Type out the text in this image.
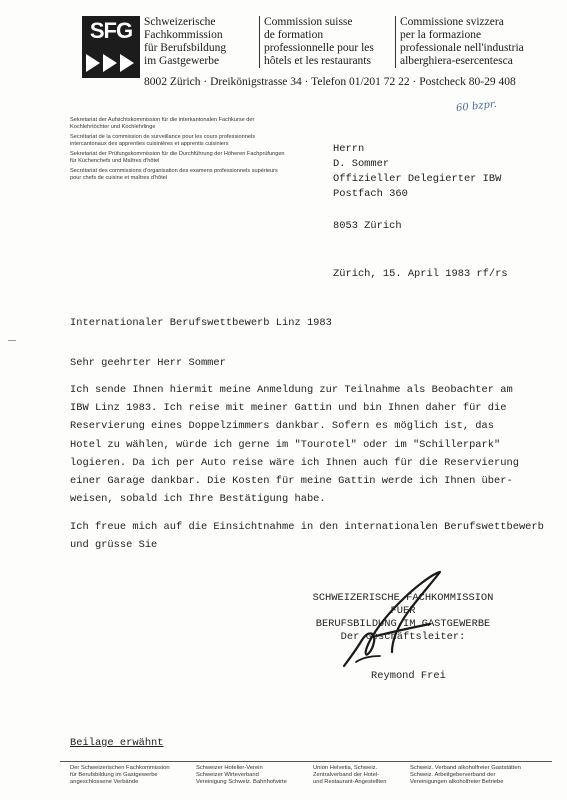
SFG	Schweizerische
Fachkommission
für Berufsbildung
im Gastgewerbe
Commission suisse
de formation
professionnelle pour les
hôtels et les restaurants
Commissione svizzera
per la formazione
professionale nell'industria
alberghiera-esercentesca
8002 Zürich · Dreikönigstrasse 34 · Telefon 01/201 72 22 · Postcheck 80-29 408
60 bzpr.

Sekretariat der Aufsichtskommission für die interkantonalen Fachkurse der Kochlehrtöchter und Kochlehrlinge

Secrétariat de la commission de surveillance pour les cours professionnels intercantonaux des apprenties cuisinières et apprentis cuisiniers

Sekretariat der Prüfungskommission für die Durchführung der Höheren Fachprüfungen für Küchenchefs und Maîtres d'hôtel

Secrétariat des commissions d'organisation des examens professionnels supérieurs pour chefs de cuisine et maîtres d'hôtel

Herrn
D. Sommer
Offizieller Delegierter IBW
Postfach 360
8053 Zürich
Zürich, 15. April 1983 rf/rs
Internationaler Berufswettbewerb Linz 1983
Sehr geehrter Herr Sommer
Ich sende Ihnen hiermit meine Anmeldung zur Teilnahme als Beobachter am
IBW Linz 1983. Ich reise mit meiner Gattin und bin Ihnen daher für die
Reservierung eines Doppelzimmers dankbar. Sofern es möglich ist, das
Hotel zu wählen, würde ich gerne im "Tourotel" oder im "Schillerpark"
logieren. Da ich per Auto reise wäre ich Ihnen auch für die Reservierung
einer Garage dankbar. Die Kosten für meine Gattin werde ich Ihnen über-
weisen, sobald ich Ihre Bestätigung habe.
Ich freue mich auf die Einsichtnahme in den internationalen Berufswettbewerb
und grüsse Sie
SCHWEIZERISCHE FACHKOMMISSION FUER
BERUFSBILDUNG IM GASTGEWERBE
Der Geschäftsleiter:
Reymond Frei
Beilage erwähnt
Der Schweizerischen Fachkommission
für Berufsbildung im Gastgewerbe
angeschlossene Verbände
Schweizer Hotelier-Verein
Schweizer Wirteverband
Vereinigung Schweiz. Bahnhofwirte
Union Helvetia, Schweiz.
Zentralverband der Hotel-
und Restaurant-Angestellten
Schweiz. Verband alkoholfreier Gaststätten
Schweiz. Arbeitgeberverband der
Vereinigungen alkoholfreier Betriebe
